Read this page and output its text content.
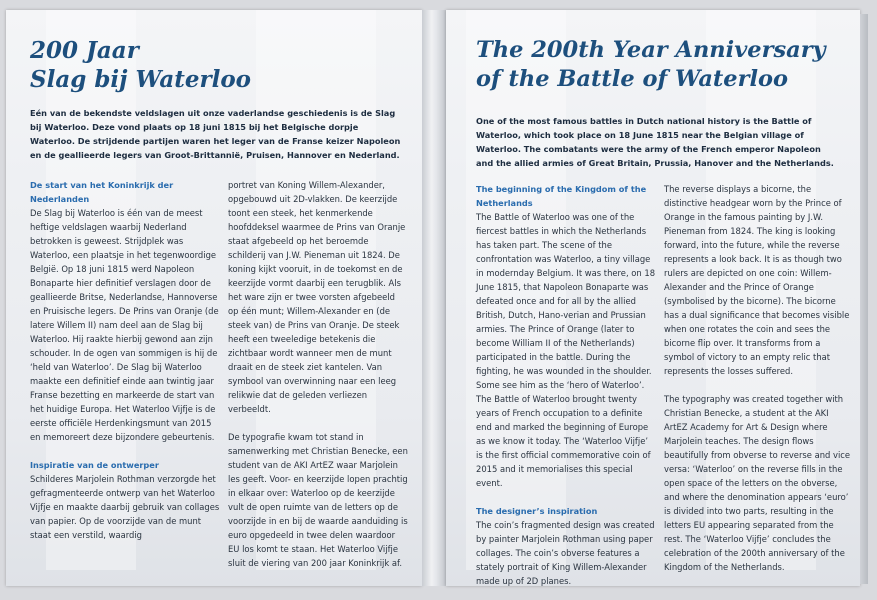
200 Jaar
Slag bij Waterloo
Eén van de bekendste veldslagen uit onze vaderlandse geschiedenis is de Slag bij Waterloo. Deze vond plaats op 18 juni 1815 bij het Belgische dorpje Waterloo. De strijdende partijen waren het leger van de Franse keizer Napoleon en de geallieerde legers van Groot-Brittannië, Pruisen, Hannover en Nederland.
De start van het Koninkrijk der Nederlanden

De Slag bij Waterloo is één van de meest heftige veldslagen waarbij Nederland betrokken is geweest. Strijdplek was Waterloo, een plaatsje in het tegenwoordige België. Op 18 juni 1815 werd Napoleon Bonaparte hier definitief verslagen door de geallieerde Britse, Nederlandse, Hannoverse en Pruisische legers. De Prins van Oranje (de latere Willem II) nam deel aan de Slag bij Waterloo. Hij raakte hierbij gewond aan zijn schouder. In de ogen van sommigen is hij de ‘held van Waterloo’. De Slag bij Waterloo maakte een definitief einde aan twintig jaar Franse bezetting en markeerde de start van het huidige Europa. Het Waterloo Vijfje is de eerste officiële Herdenkingsmunt van 2015 en memoreert deze bijzondere gebeurtenis.

Inspiratie van de ontwerper

Schilderes Marjolein Rothman verzorgde het gefragmenteerde ontwerp van het Waterloo Vijfje en maakte daarbij gebruik van collages van papier. Op de voorzijde van de munt staat een verstild, waardig

portret van Koning Willem-Alexander, opgebouwd uit 2D-vlakken. De keerzijde toont een steek, het kenmerkende hoofddeksel waarmee de Prins van Oranje staat afgebeeld op het beroemde schilderij van J.W. Pieneman uit 1824. De koning kijkt vooruit, in de toekomst en de keerzijde vormt daarbij een terugblik. Als het ware zijn er twee vorsten afgebeeld op één munt; Willem-Alexander en (de steek van) de Prins van Oranje. De steek heeft een tweeledige betekenis die zichtbaar wordt wanneer men de munt draait en de steek ziet kantelen. Van symbool van overwinning naar een leeg relikwie dat de geleden verliezen verbeeldt.

De typografie kwam tot stand in samenwerking met Christian Benecke, een student van de AKI ArtEZ waar Marjolein les geeft. Voor- en keerzijde lopen prachtig in elkaar over: Waterloo op de keerzijde vult de open ruimte van de letters op de voorzijde in en bij de waarde aanduiding is euro opgedeeld in twee delen waardoor EU los komt te staan. Het Waterloo Vijfje sluit de viering van 200 jaar Koninkrijk af.

The 200th Year Anniversary
of the Battle of Waterloo
One of the most famous battles in Dutch national history is the Battle of Waterloo, which took place on 18 June 1815 near the Belgian village of Waterloo. The combatants were the army of the French emperor Napoleon and the allied armies of Great Britain, Prussia, Hanover and the Netherlands.
The beginning of the Kingdom of the Netherlands

The Battle of Waterloo was one of the fiercest battles in which the Netherlands has taken part. The scene of the confrontation was Waterloo, a tiny village in modernday Belgium. It was there, on 18 June 1815, that Napoleon Bonaparte was defeated once and for all by the allied British, Dutch, Hano-verian and Prussian armies. The Prince of Orange (later to become William II of the Netherlands) participated in the battle. During the fighting, he was wounded in the shoulder. Some see him as the ‘hero of Waterloo’. The Battle of Waterloo brought twenty years of French occupation to a definite end and marked the beginning of Europe as we know it today. The ‘Waterloo Vijfje’ is the first official commemorative coin of 2015 and it memorialises this special event.

The designer’s inspiration

The coin’s fragmented design was created by painter Marjolein Rothman using paper collages. The coin’s obverse features a stately portrait of King Willem-Alexander made up of 2D planes.

The reverse displays a bicorne, the distinctive headgear worn by the Prince of Orange in the famous painting by J.W. Pieneman from 1824. The king is looking forward, into the future, while the reverse represents a look back. It is as though two rulers are depicted on one coin: Willem-Alexander and the Prince of Orange (symbolised by the bicorne). The bicorne has a dual significance that becomes visible when one rotates the coin and sees the bicorne flip over. It transforms from a symbol of victory to an empty relic that represents the losses suffered.

The typography was created together with Christian Benecke, a student at the AKI ArtEZ Academy for Art & Design where Marjolein teaches. The design flows beautifully from obverse to reverse and vice versa: ‘Waterloo’ on the reverse fills in the open space of the letters on the obverse, and where the denomination appears ‘euro’ is divided into two parts, resulting in the letters EU appearing separated from the rest. The ‘Waterloo Vijfje’ concludes the celebration of the 200th anniversary of the Kingdom of the Netherlands.
